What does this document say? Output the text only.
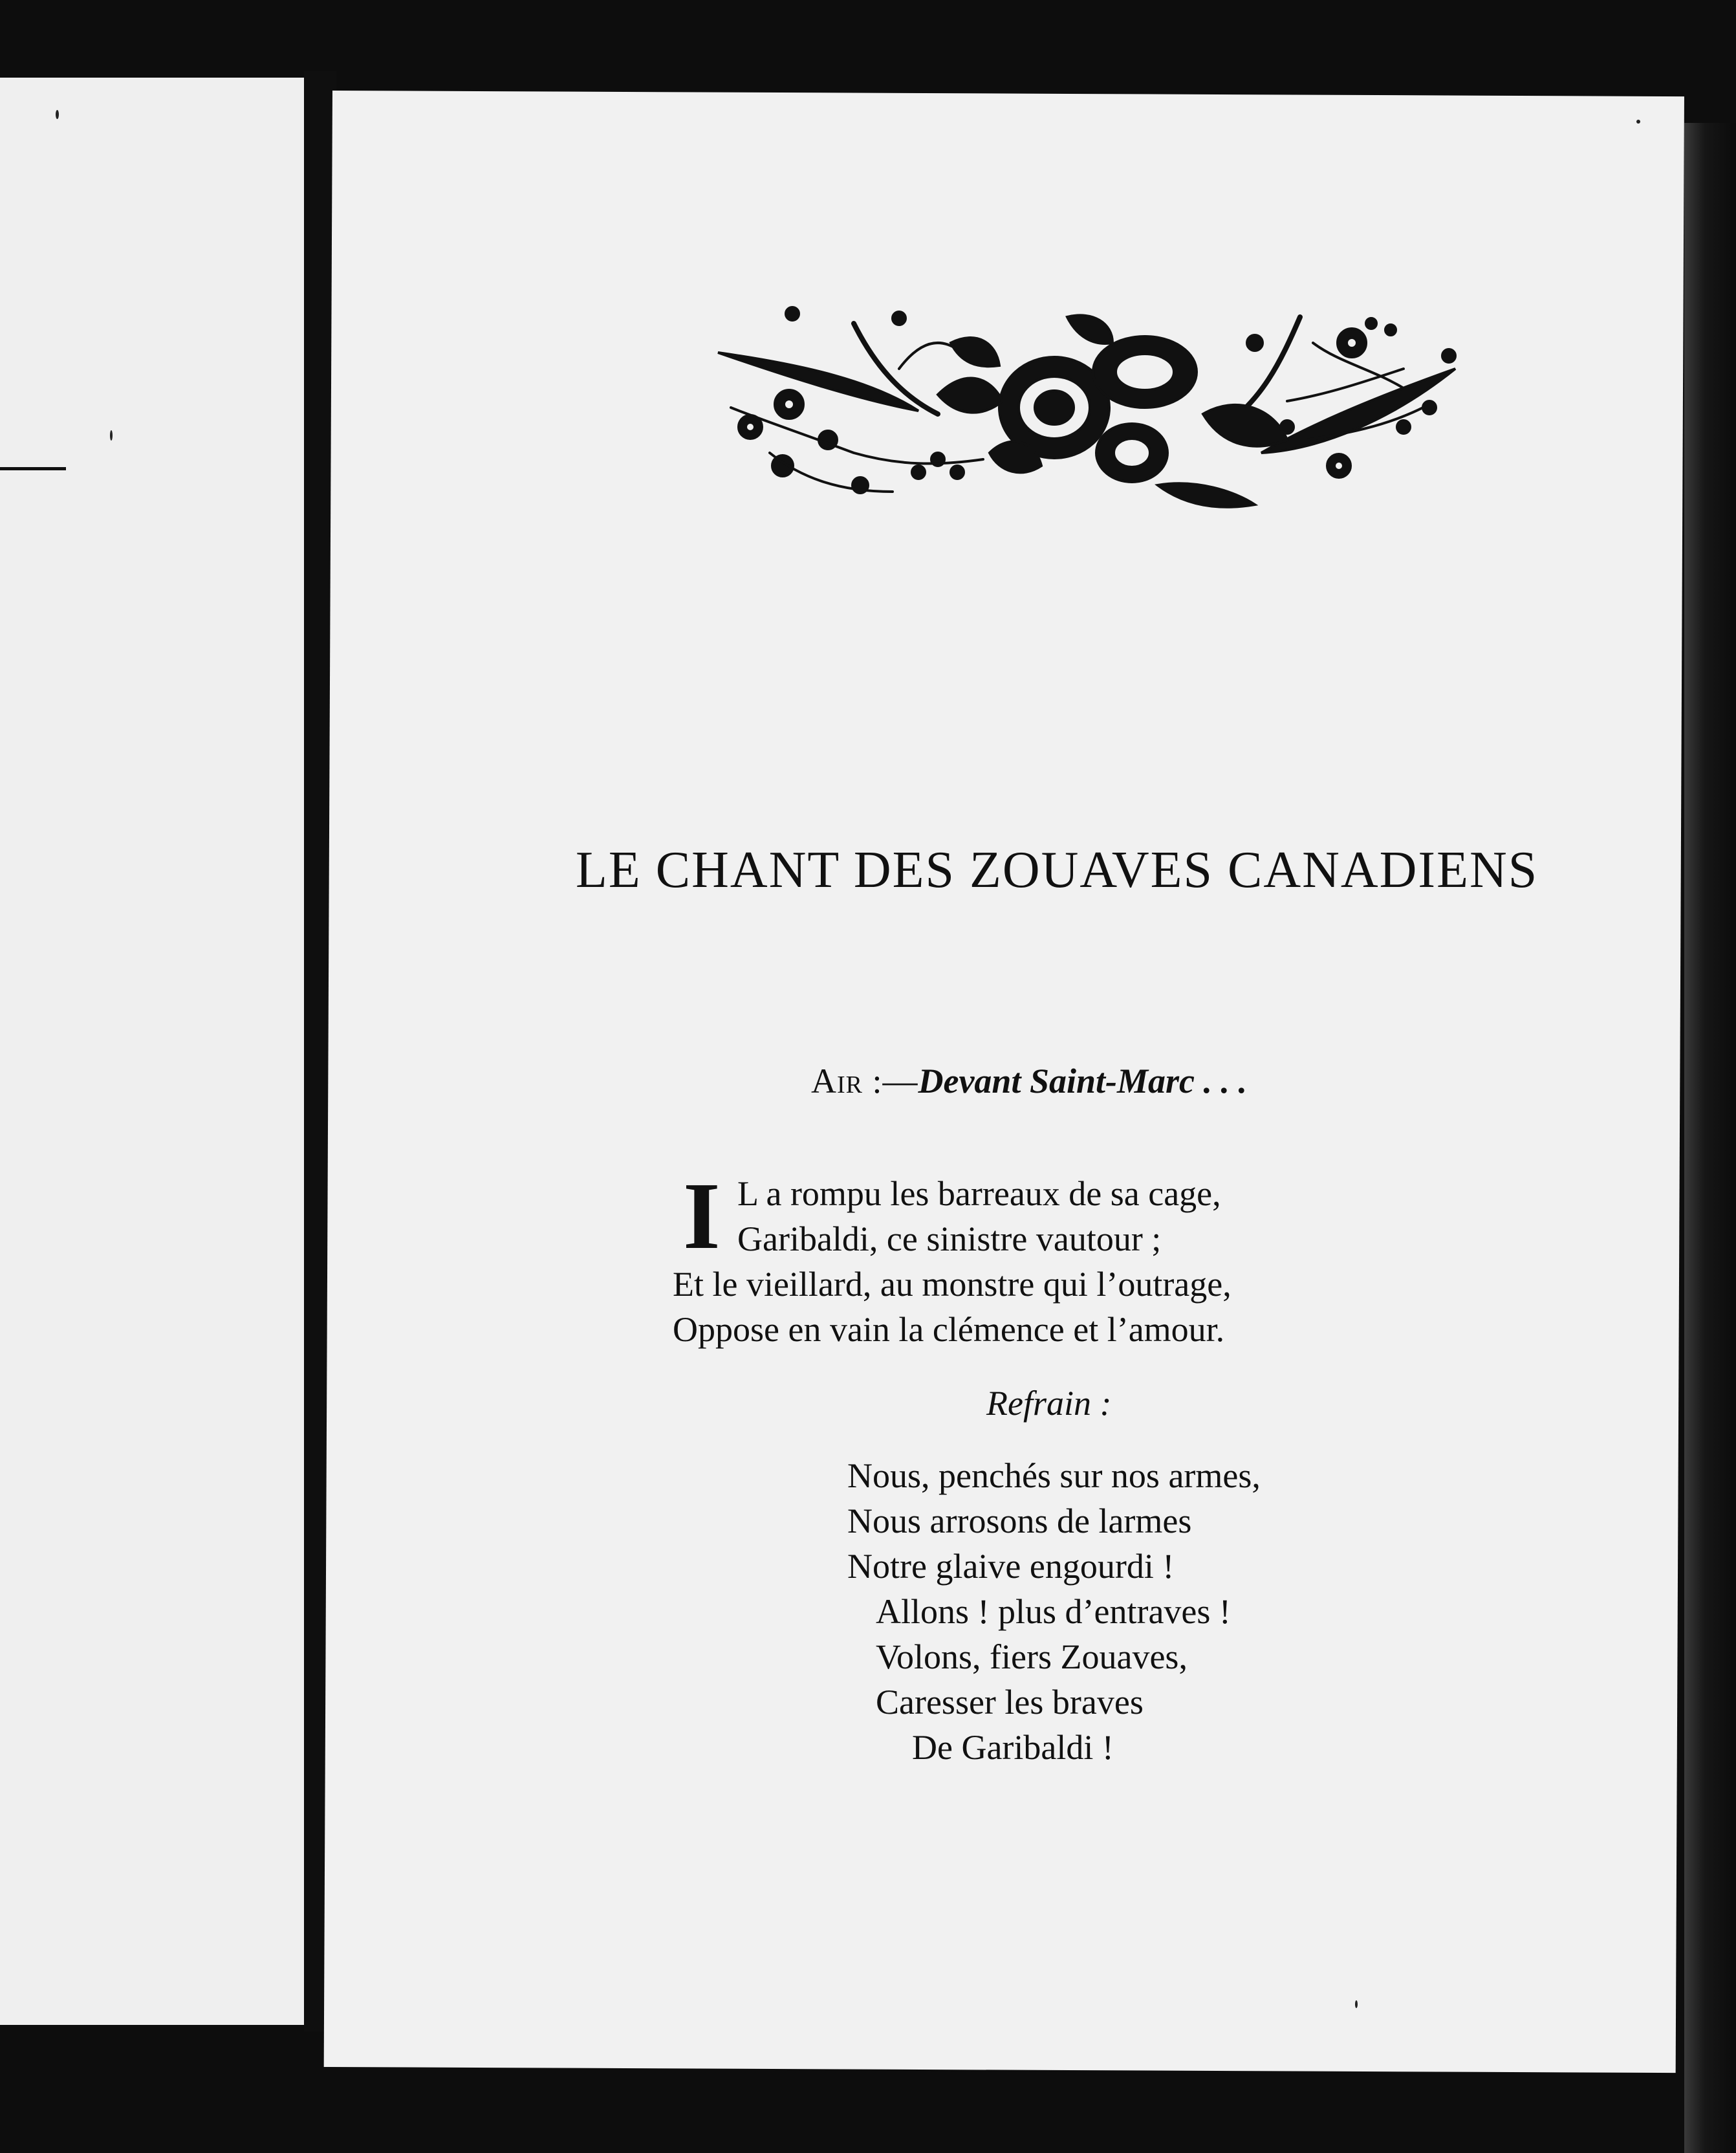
LE CHANT DES ZOUAVES CANADIENS
Air :—Devant Saint-Marc . . .
I L a rompu les barreaux de sa cage,
Garibaldi, ce sinistre vautour ;
Et le vieillard, au monstre qui l’outrage,
Oppose en vain la clémence et l’amour.
Refrain :
Nous, penchés sur nos armes,
Nous arrosons de larmes
Notre glaive engourdi !
Allons ! plus d’entraves !
Volons, fiers Zouaves,
Caresser les braves
De Garibaldi !
